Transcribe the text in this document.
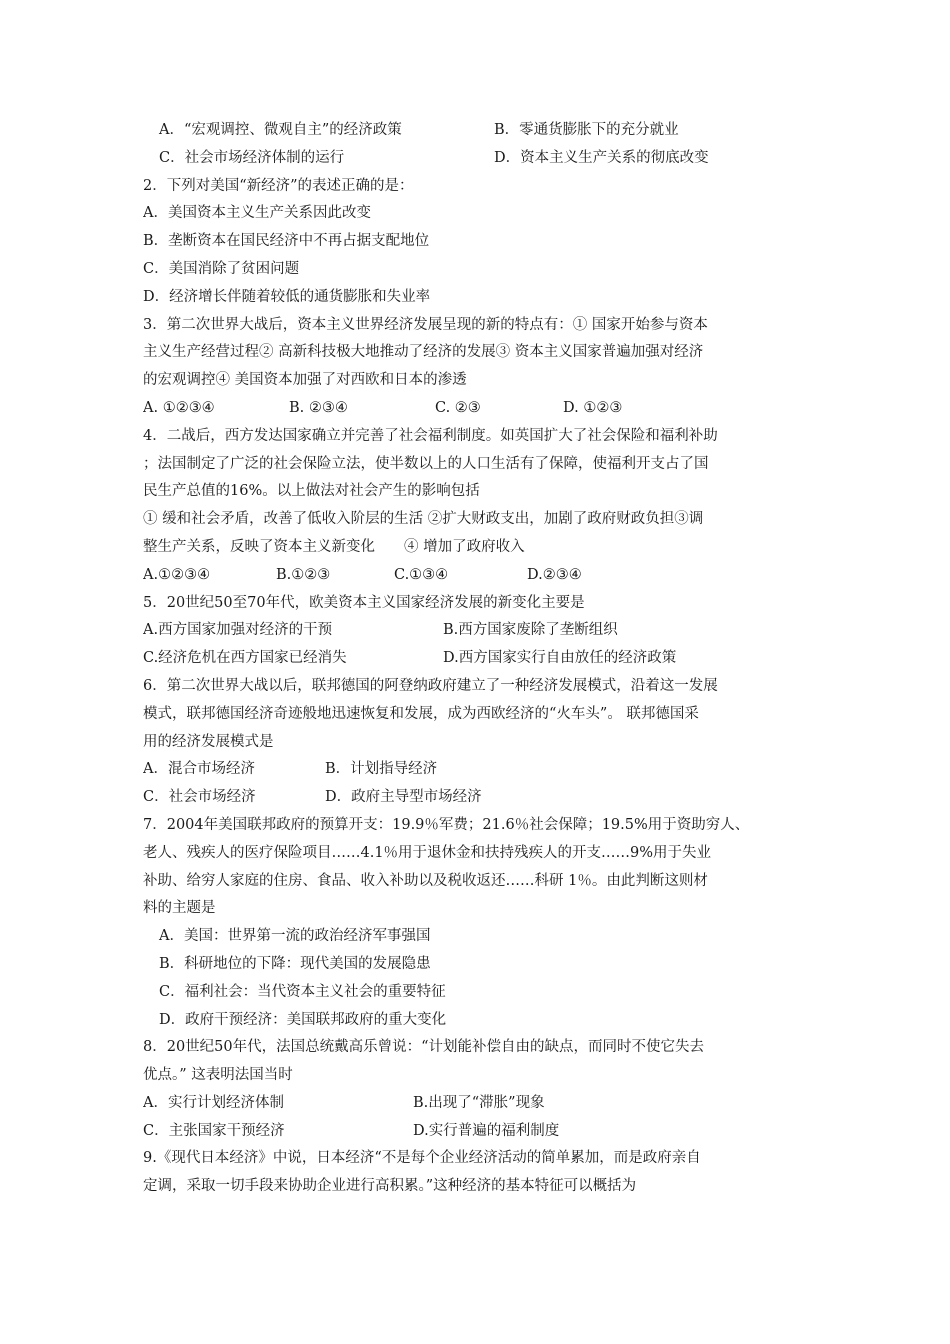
A．“宏观调控、微观自主”的经济政策	B．零通货膨胀下的充分就业
C．社会市场经济体制的运行	D．资本主义生产关系的彻底改变
2．下列对美国“新经济”的表述正确的是：
A．美国资本主义生产关系因此改变
B．垄断资本在国民经济中不再占据支配地位
C．美国消除了贫困问题
D．经济增长伴随着较低的通货膨胀和失业率
3．第二次世界大战后，资本主义世界经济发展呈现的新的特点有：① 国家开始参与资本
主义生产经营过程② 高新科技极大地推动了经济的发展③ 资本主义国家普遍加强对经济
的宏观调控④ 美国资本加强了对西欧和日本的渗透
A. ①②③④	B. ②③④	C. ②③	D. ①②③
4．二战后，西方发达国家确立并完善了社会福利制度。如英国扩大了社会保险和福利补助
；法国制定了广泛的社会保险立法，使半数以上的人口生活有了保障，使福利开支占了国
民生产总值的16%。以上做法对社会产生的影响包括
① 缓和社会矛盾，改善了低收入阶层的生活 ②扩大财政支出，加剧了政府财政负担③调
整生产关系，反映了资本主义新变化　　④ 增加了政府收入
A.①②③④	B.①②③	C.①③④	D.②③④
5．20世纪50至70年代，欧美资本主义国家经济发展的新变化主要是
A.西方国家加强对经济的干预	B.西方国家废除了垄断组织
C.经济危机在西方国家已经消失	D.西方国家实行自由放任的经济政策
6．第二次世界大战以后，联邦德国的阿登纳政府建立了一种经济发展模式，沿着这一发展
模式，联邦德国经济奇迹般地迅速恢复和发展，成为西欧经济的“火车头”。 联邦德国采
用的经济发展模式是
A．混合市场经济	B．计划指导经济
C．社会市场经济	D．政府主导型市场经济
7．2004年美国联邦政府的预算开支：19.9％军费；21.6％社会保障；19.5%用于资助穷人、
老人、残疾人的医疗保险项目……4.1％用于退休金和扶持残疾人的开支……9%用于失业
补助、给穷人家庭的住房、食品、收入补助以及税收返还……科研 1％。由此判断这则材
料的主题是
A．美国：世界第一流的政治经济军事强国
B．科研地位的下降：现代美国的发展隐患
C．福利社会：当代资本主义社会的重要特征
D．政府干预经济：美国联邦政府的重大变化
8．20世纪50年代，法国总统戴高乐曾说：“计划能补偿自由的缺点，而同时不使它失去
优点。” 这表明法国当时
A．实行计划经济体制	B.出现了“滞胀”现象
C．主张国家干预经济	D.实行普遍的福利制度
9.《现代日本经济》中说，日本经济“不是每个企业经济活动的简单累加，而是政府亲自
定调，采取一切手段来协助企业进行高积累。”这种经济的基本特征可以概括为
